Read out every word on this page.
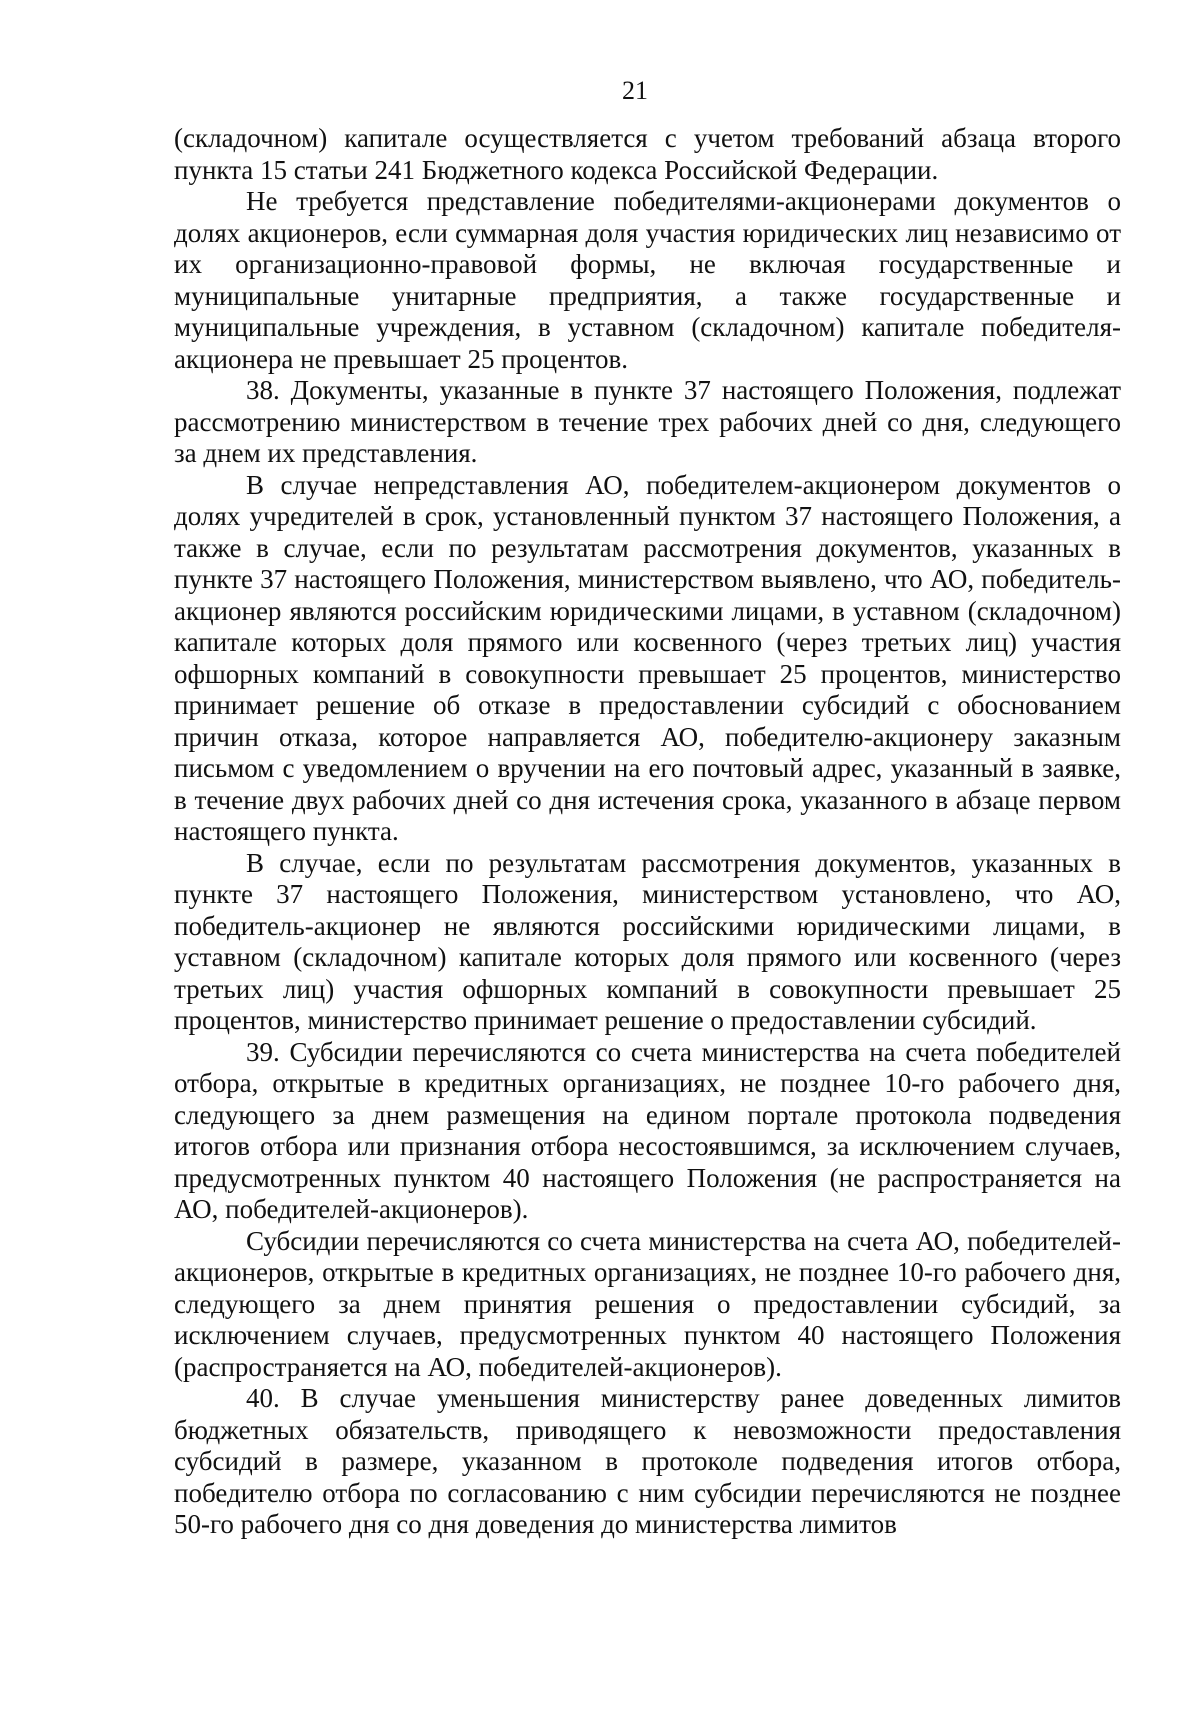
21

(складочном) капитале осуществляется с учетом требований абзаца второго пункта 15 статьи 241 Бюджетного кодекса Российской Федерации.

Не требуется представление победителями-акционерами документов о долях акционеров, если суммарная доля участия юридических лиц независимо от их организационно-правовой формы, не включая государственные и муниципальные унитарные предприятия, а также государственные и муниципальные учреждения, в уставном (складочном) капитале победителя-акционера не превышает 25 процентов.

38. Документы, указанные в пункте 37 настоящего Положения, подлежат рассмотрению министерством в течение трех рабочих дней со дня, следующего за днем их представления.

В случае непредставления АО, победителем-акционером документов о долях учредителей в срок, установленный пунктом 37 настоящего Положения, а также в случае, если по результатам рассмотрения документов, указанных в пункте 37 настоящего Положения, министерством выявлено, что АО, победитель-акционер являются российским юридическими лицами, в уставном (складочном) капитале которых доля прямого или косвенного (через третьих лиц) участия офшорных компаний в совокупности превышает 25 процентов, министерство принимает решение об отказе в предоставлении субсидий с обоснованием причин отказа, которое направляется АО, победителю-акционеру заказным письмом с уведомлением о вручении на его почтовый адрес, указанный в заявке, в течение двух рабочих дней со дня истечения срока, указанного в абзаце первом настоящего пункта.

В случае, если по результатам рассмотрения документов, указанных в пункте 37 настоящего Положения, министерством установлено, что АО, победитель-акционер не являются российскими юридическими лицами, в уставном (складочном) капитале которых доля прямого или косвенного (через третьих лиц) участия офшорных компаний в совокупности превышает 25 процентов, министерство принимает решение о предоставлении субсидий.

39. Субсидии перечисляются со счета министерства на счета победителей отбора, открытые в кредитных организациях, не позднее 10-го рабочего дня, следующего за днем размещения на едином портале протокола подведения итогов отбора или признания отбора несостоявшимся, за исключением случаев, предусмотренных пунктом 40 настоящего Положения (не распространяется на АО, победителей-акционеров).

Субсидии перечисляются со счета министерства на счета АО, победителей-акционеров, открытые в кредитных организациях, не позднее 10-го рабочего дня, следующего за днем принятия решения о предоставлении субсидий, за исключением случаев, предусмотренных пунктом 40 настоящего Положения (распространяется на АО, победителей-акционеров).

40. В случае уменьшения министерству ранее доведенных лимитов бюджетных обязательств, приводящего к невозможности предоставления субсидий в размере, указанном в протоколе подведения итогов отбора, победителю отбора по согласованию с ним субсидии перечисляются не позднее 50-го рабочего дня со дня доведения до министерства лимитов
